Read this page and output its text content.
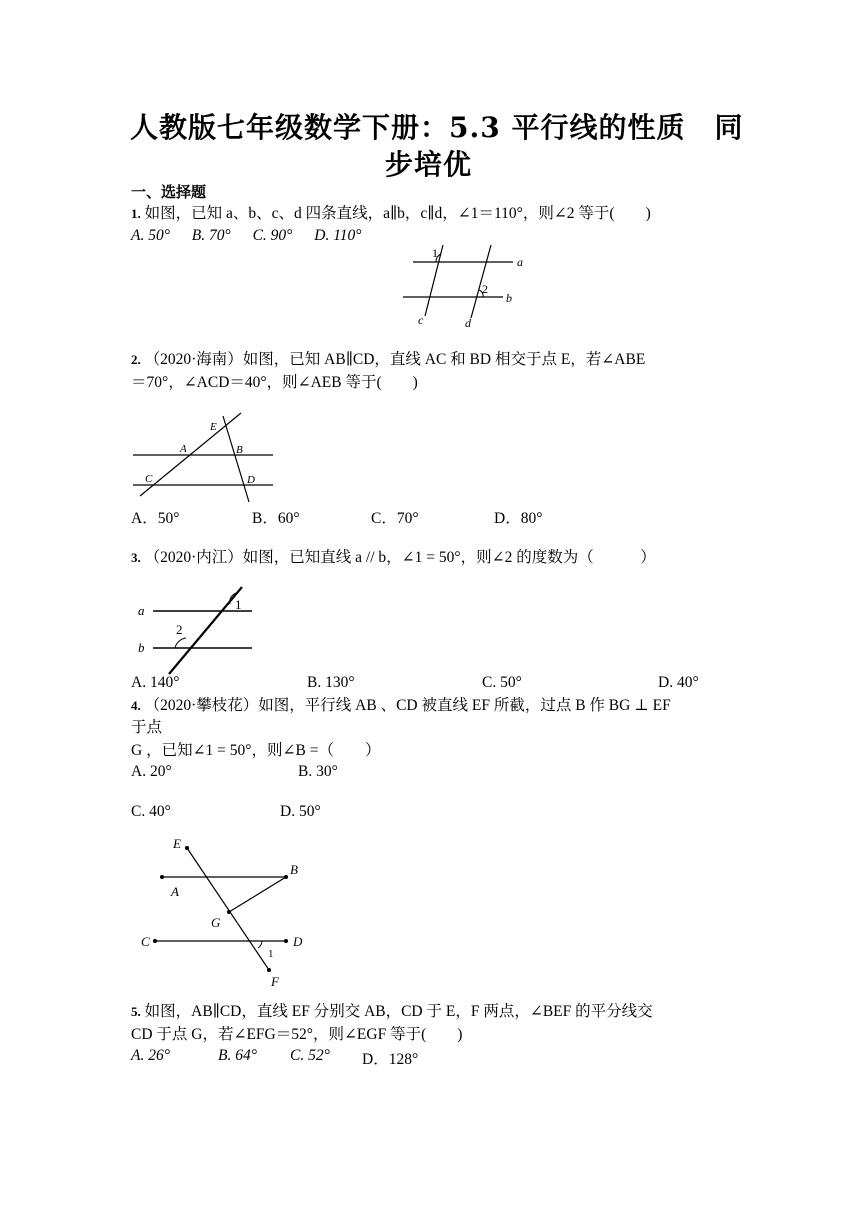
人教版七年级数学下册：5.3 平行线的性质　同
步培优
一、选择题
1. 如图，已知 a、b、c、d 四条直线，a∥b，c∥d，∠1＝110°，则∠2 等于(　　)
A. 50° B. 70° C. 90° D. 110°
1
2
a
b
c	d
2. （2020·海南）如图，已知 AB∥CD，直线 AC 和 BD 相交于点 E，若∠ABE
＝70°，∠ACD＝40°，则∠AEB 等于(　　)
E
A	B
C	D
A．50°	B．60°	C．70°	D．80°
3. （2020·内江）如图，已知直线 a // b，∠1 = 50°，则∠2 的度数为（　　　）
a
b
1
2
A. 140°	B. 130°	C. 50°	D. 40°
4. （2020·攀枝花）如图，平行线 AB 、CD 被直线 EF 所截，过点 B 作 BG ⊥ EF
于点
G ，已知∠1 = 50°，则∠B =（　　）
A. 20°	B. 30°
C. 40°	D. 50°
E
B
A
G
C	D
1
F
5. 如图，AB∥CD，直线 EF 分别交 AB，CD 于 E，F 两点，∠BEF 的平分线交
CD 于点 G，若∠EFG＝52°，则∠EGF 等于(　　)
A. 26°	B. 64° C. 52° D．128°
